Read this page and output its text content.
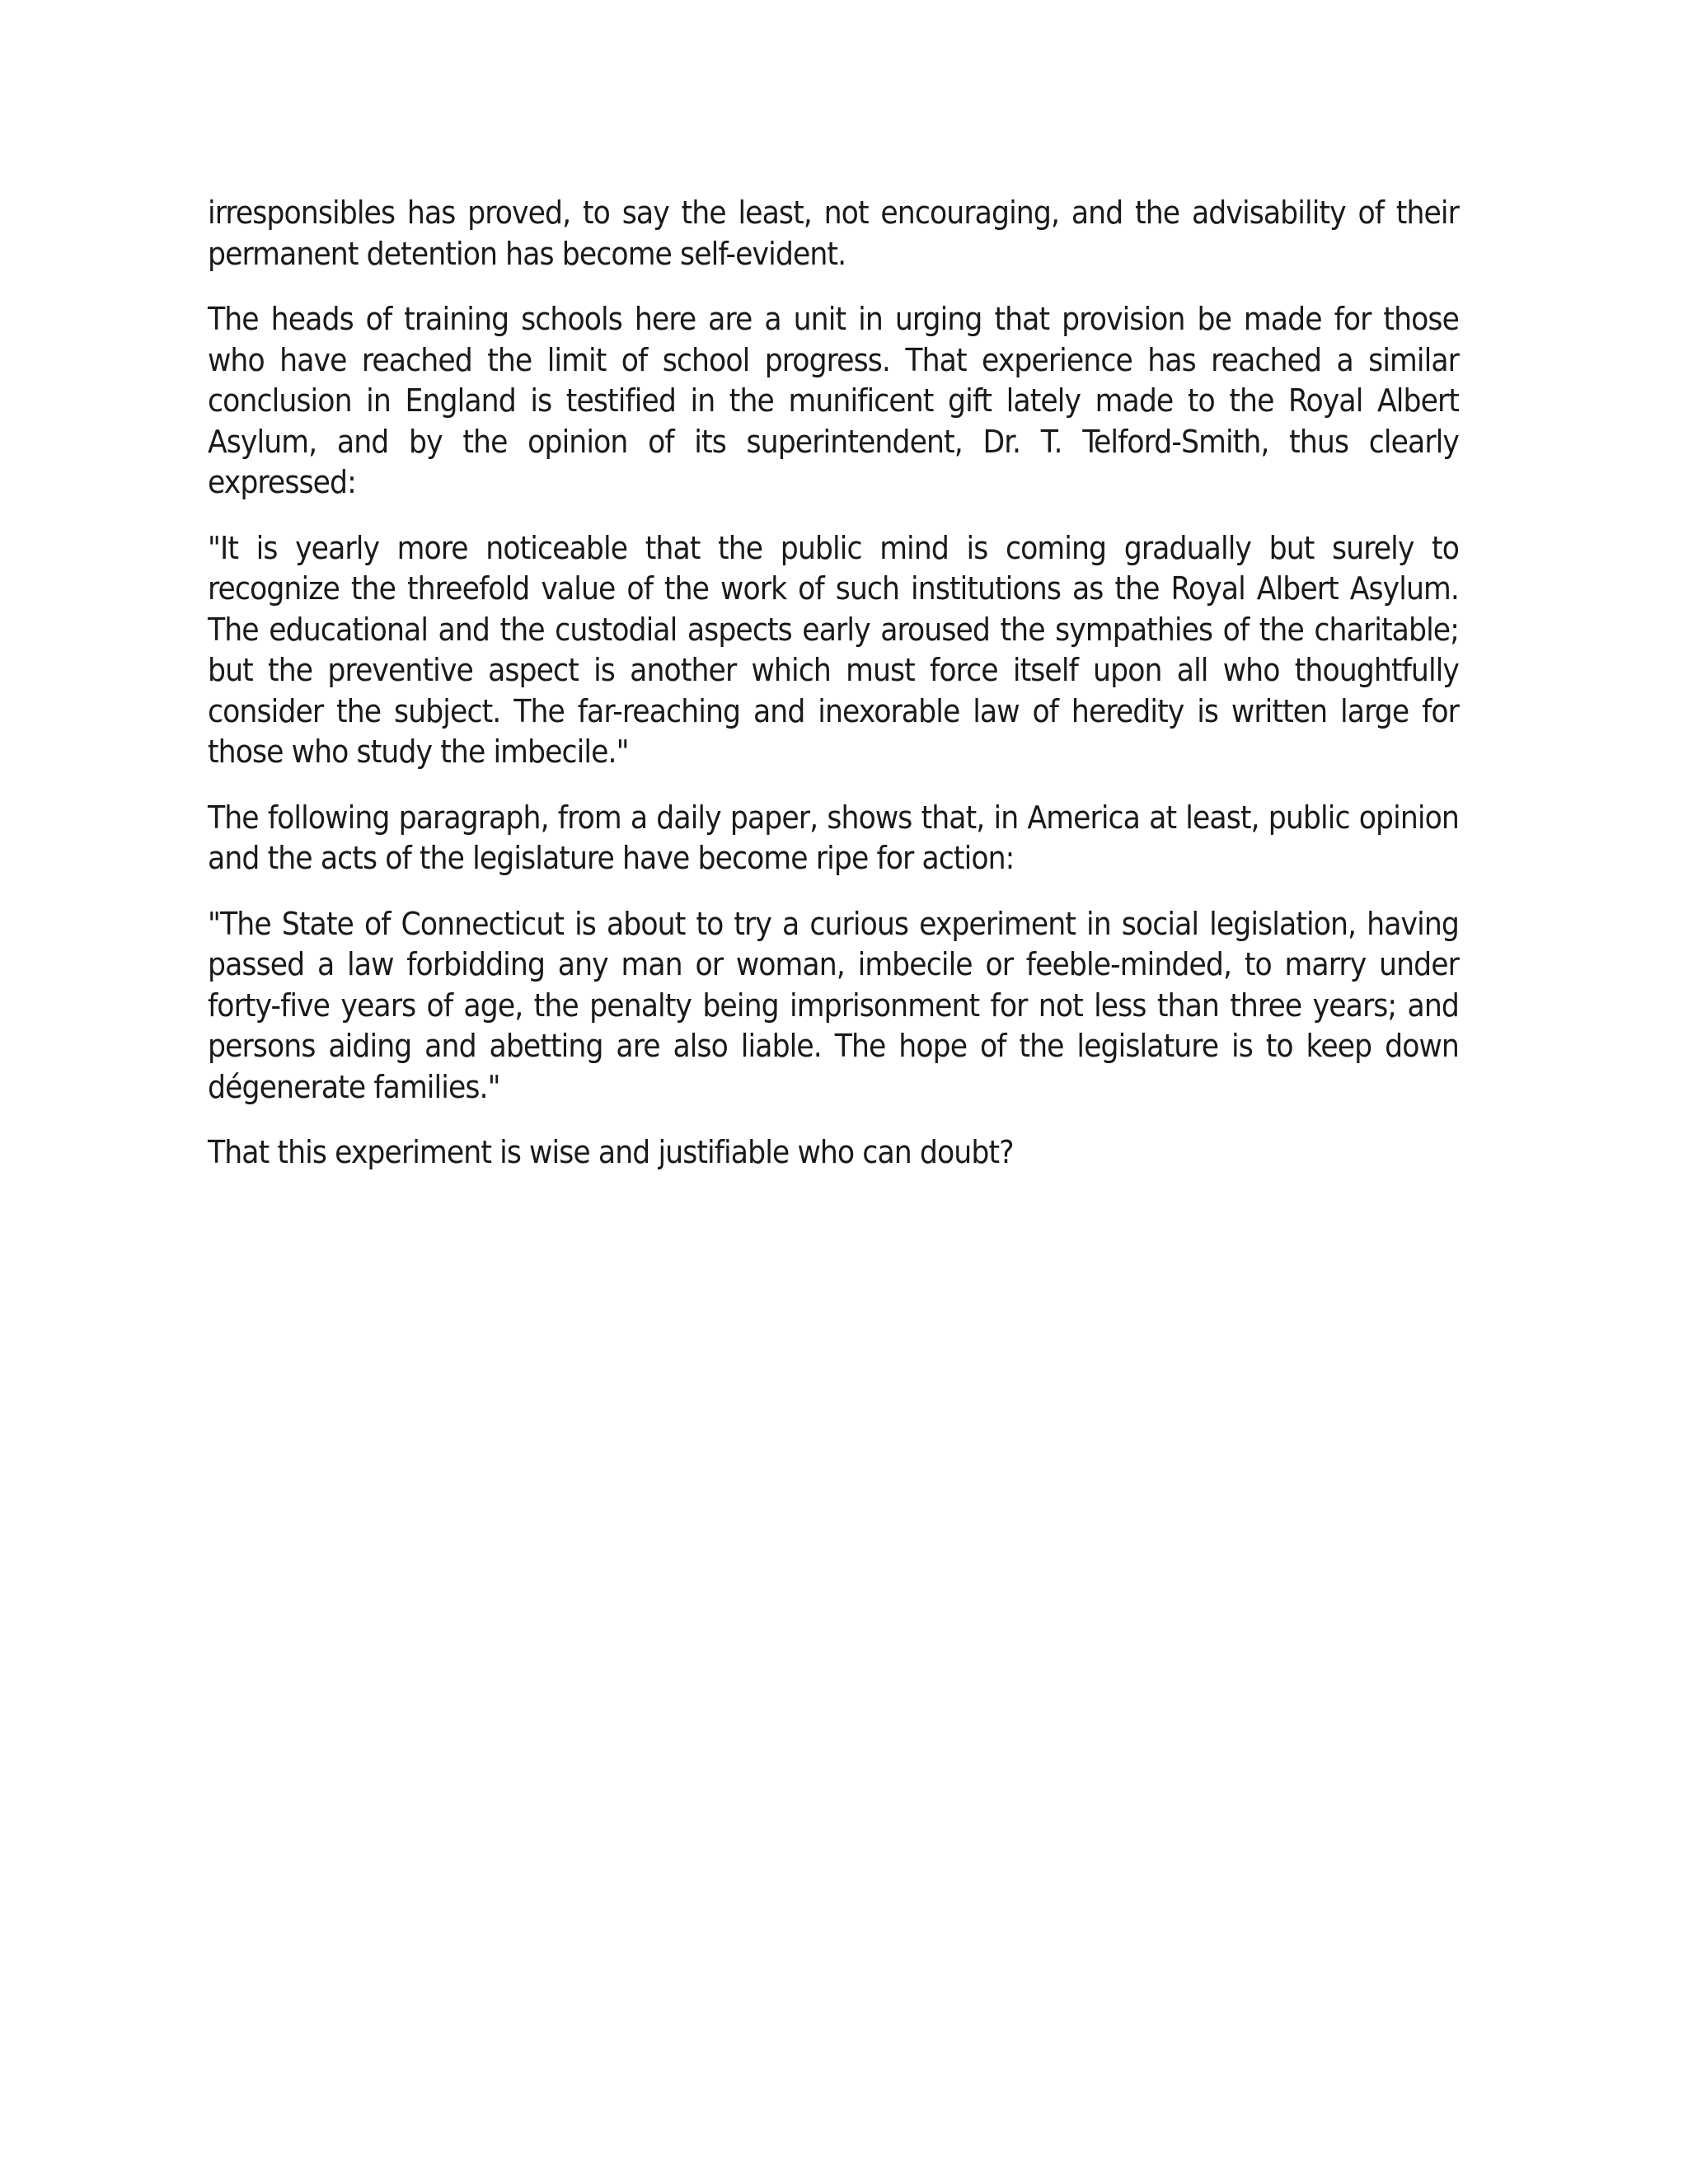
irresponsibles has proved, to say the least, not encouraging, and the advisability of their permanent detention has become self-evident.

The heads of training schools here are a unit in urging that provision be made for those who have reached the limit of school progress. That experience has reached a similar conclusion in England is testified in the munificent gift lately made to the Royal Albert Asylum, and by the opinion of its superintendent, Dr. T. Telford-Smith, thus clearly expressed:

"It is yearly more noticeable that the public mind is coming gradually but surely to recognize the threefold value of the work of such institutions as the Royal Albert Asylum. The educational and the custodial aspects early aroused the sympathies of the charitable; but the preventive aspect is another which must force itself upon all who thoughtfully consider the subject. The far-reaching and inexorable law of heredity is written large for those who study the imbecile."

The following paragraph, from a daily paper, shows that, in America at least, public opinion and the acts of the legislature have become ripe for action:

"The State of Connecticut is about to try a curious experiment in social legislation, having passed a law forbidding any man or woman, imbecile or feeble-minded, to marry under forty-five years of age, the penalty being imprisonment for not less than three years; and persons aiding and abetting are also liable. The hope of the legislature is to keep down dégenerate families."

That this experiment is wise and justifiable who can doubt?
